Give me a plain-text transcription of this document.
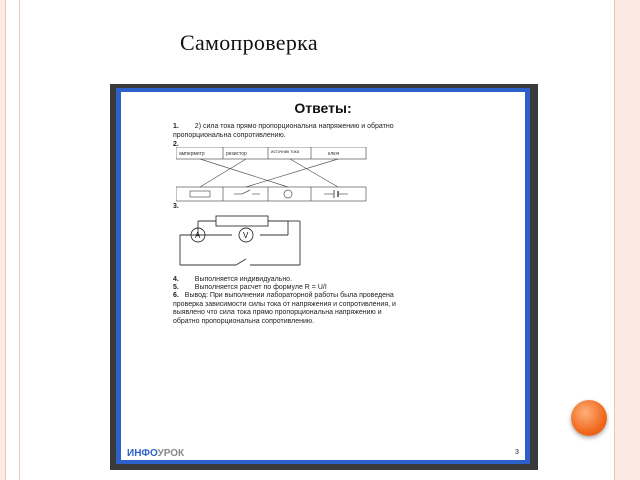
Самопроверка
Ответы:
1. 2) сила тока прямо пропорциональна напряжению и обратно
пропорциональна сопротивлению.
2.
амперметр	резистор	источник тока	ключ
3.
A	V
4. Выполняется индивидуально.
5. Выполняется расчет по формуле R = U/I
6. Вывод: При выполнении лабораторной работы была проведена
проверка зависимости силы тока от напряжения и сопротивления, и
выявлено что сила тока прямо пропорциональна напряжению и
обратно пропорциональна сопротивлению.
ИНФОУРОК	3
